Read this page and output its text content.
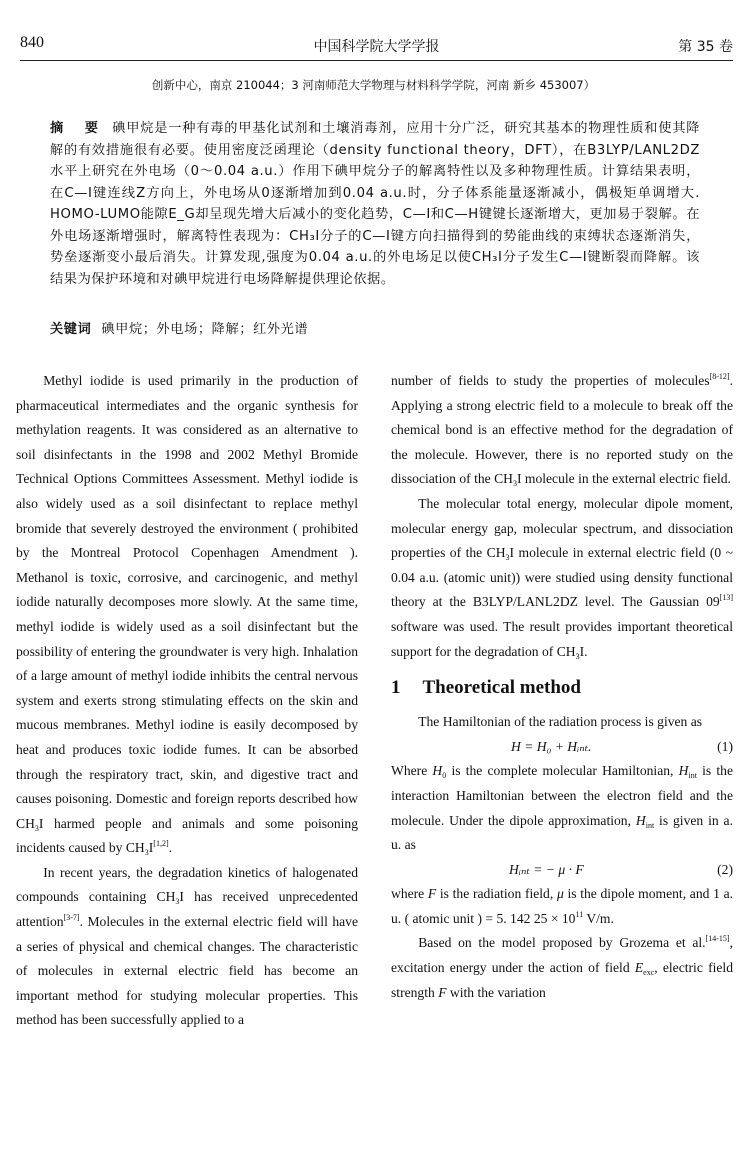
840	中国科学院大学学报	第 35 卷
创新中心，南京 210044；3 河南师范大学物理与材料科学学院，河南 新乡 453007）
摘　要 碘甲烷是一种有毒的甲基化试剂和土壤消毒剂，应用十分广泛，研究其基本的物理性质和使其降解的有效措施很有必要。使用密度泛函理论（density functional theory，DFT），在B3LYP/LANL2DZ水平上研究在外电场（0～0.04 a.u.）作用下碘甲烷分子的解离特性以及多种物理性质。计算结果表明，在C—I键连线Z方向上，外电场从0逐渐增加到0.04 a.u.时，分子体系能量逐渐减小，偶极矩单调增大. HOMO-LUMO能隙E_G却呈现先增大后减小的变化趋势，C—I和C—H键键长逐渐增大，更加易于裂解。在外电场逐渐增强时，解离特性表现为：CH₃I分子的C—I键方向扫描得到的势能曲线的束缚状态逐渐消失，势垒逐渐变小最后消失。计算发现,强度为0.04 a.u.的外电场足以使CH₃I分子发生C—I键断裂而降解。该结果为保护环境和对碘甲烷进行电场降解提供理论依据。
关键词 碘甲烷；外电场；降解；红外光谱

Methyl iodide is used primarily in the production of pharmaceutical intermediates and the organic synthesis for methylation reagents. It was considered as an alternative to soil disinfectants in the 1998 and 2002 Methyl Bromide Technical Options Committees Assessment. Methyl iodide is also widely used as a soil disinfectant to replace methyl bromide that severely destroyed the environment ( prohibited by the Montreal Protocol Copenhagen Amendment ). Methanol is toxic, corrosive, and carcinogenic, and methyl iodide naturally decomposes more slowly. At the same time, methyl iodide is widely used as a soil disinfectant but the possibility of entering the groundwater is very high. Inhalation of a large amount of methyl iodide inhibits the central nervous system and exerts strong stimulating effects on the skin and mucous membranes. Methyl iodine is easily decomposed by heat and produces toxic iodide fumes. It can be absorbed through the respiratory tract, skin, and digestive tract and causes poisoning. Domestic and foreign reports described how $CH_3I$ harmed people and animals and some poisoning incidents caused by $CH_3I[1,2]$.

In recent years, the degradation kinetics of halogenated compounds containing $CH_3I$ has received unprecedented attention[3-7]. Molecules in the external electric field will have a series of physical and chemical changes. The characteristic of molecules in external electric field has become an important method for studying molecular properties. This method has been successfully applied to a

number of fields to study the properties of molecules[8-12]. Applying a strong electric field to a molecule to break off the chemical bond is an effective method for the degradation of the molecule. However, there is no reported study on the dissociation of the $CH_3I$ molecule in the external electric field.

The molecular total energy, molecular dipole moment, molecular energy gap, molecular spectrum, and dissociation properties of the $CH_3I$ molecule in external electric field (0 ~ 0.04 a.u. (atomic unit)) were studied using density functional theory at the B3LYP/LANL2DZ level. The Gaussian 09[13] software was used. The result provides important theoretical support for the degradation of $CH_3I$.

1 Theoretical method

The Hamiltonian of the radiation process is given as

H = H₀ + Hᵢₙₜ.	(1)

Where $H_0$ is the complete molecular Hamiltonian, $H_{int}$ is the interaction Hamiltonian between the electron field and the molecule. Under the dipole approximation, $H_{int}$ is given in a. u. as

Hᵢₙₜ = − μ · F	(2)

where F is the radiation field, μ is the dipole moment, and 1 a. u. ( atomic unit ) = 5. 142 $25 \times 10^{11}$ V/m.

Based on the model proposed by Grozema et al.[14-15], excitation energy under the action of field $E_{exc}$, electric field strength F with the variation
